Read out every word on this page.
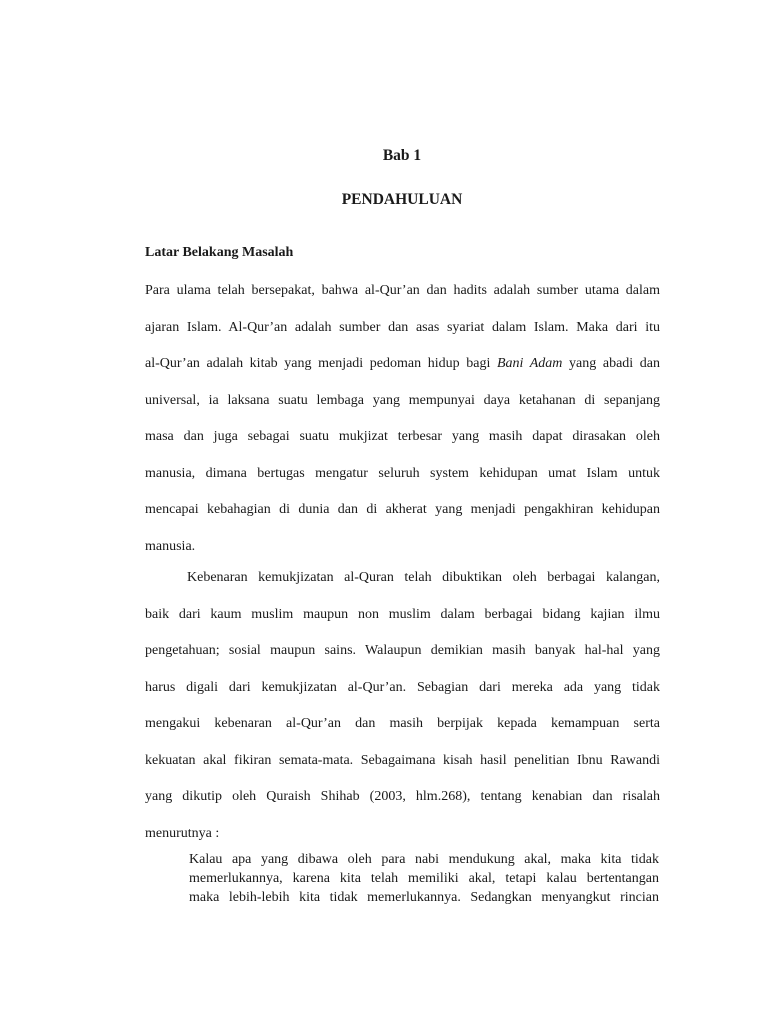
Bab 1
PENDAHULUAN
Latar Belakang Masalah
Para ulama telah bersepakat, bahwa al-Qur’an dan hadits adalah sumber utama dalam
ajaran Islam. Al-Qur’an adalah sumber dan asas syariat dalam Islam. Maka dari itu
al-Qur’an adalah kitab yang menjadi pedoman hidup bagi Bani Adam yang abadi dan
universal, ia laksana suatu lembaga yang mempunyai daya ketahanan di sepanjang
masa dan juga sebagai suatu mukjizat terbesar yang masih dapat dirasakan oleh
manusia, dimana bertugas mengatur seluruh system kehidupan umat Islam untuk
mencapai kebahagian di dunia dan di akherat yang menjadi pengakhiran kehidupan
manusia.
Kebenaran kemukjizatan al-Quran telah dibuktikan oleh berbagai kalangan,
baik dari kaum muslim maupun non muslim dalam berbagai bidang kajian ilmu
pengetahuan; sosial maupun sains. Walaupun demikian masih banyak hal-hal yang
harus digali dari kemukjizatan al-Qur’an. Sebagian dari mereka ada yang tidak
mengakui kebenaran al-Qur’an dan masih berpijak kepada kemampuan serta
kekuatan akal fikiran semata-mata. Sebagaimana kisah hasil penelitian Ibnu Rawandi
yang dikutip oleh Quraish Shihab (2003, hlm.268), tentang kenabian dan risalah
menurutnya :
Kalau apa yang dibawa oleh para nabi mendukung akal, maka kita tidak
memerlukannya, karena kita telah memiliki akal, tetapi kalau bertentangan
maka lebih-lebih kita tidak memerlukannya. Sedangkan menyangkut rincian
